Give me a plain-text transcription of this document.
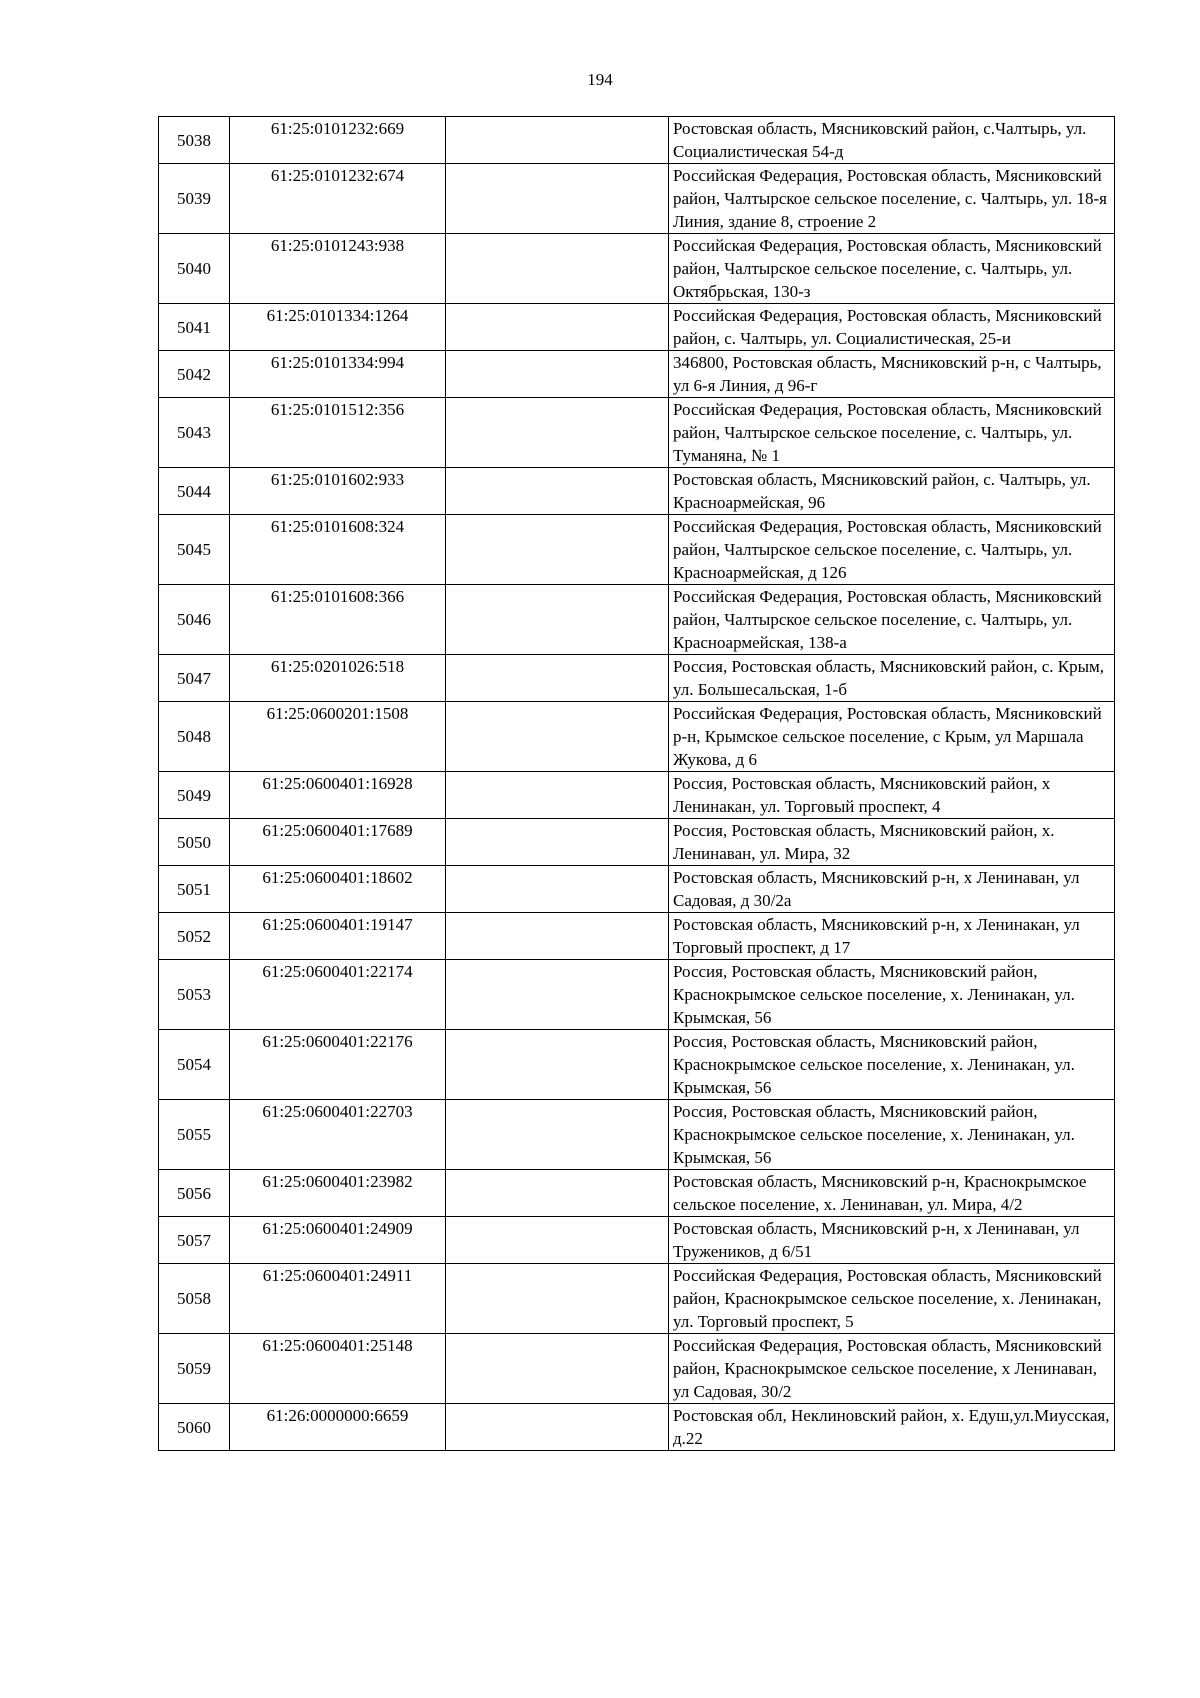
194
5038	61:25:0101232:669		Ростовская область, Мясниковский район, с.Чалтырь, ул. Социалистическая 54-д
5039	61:25:0101232:674		Российская Федерация, Ростовская область, Мясниковский район, Чалтырское сельское поселение, с. Чалтырь, ул. 18-я Линия, здание 8, строение 2
5040	61:25:0101243:938		Российская Федерация, Ростовская область, Мясниковский район, Чалтырское сельское поселение, с. Чалтырь, ул. Октябрьская, 130-з
5041	61:25:0101334:1264		Российская Федерация, Ростовская область, Мясниковский район, с. Чалтырь, ул. Социалистическая, 25-и
5042	61:25:0101334:994		346800, Ростовская область, Мясниковский р-н, с Чалтырь, ул 6-я Линия, д 96-г
5043	61:25:0101512:356		Российская Федерация, Ростовская область, Мясниковский район, Чалтырское сельское поселение, с. Чалтырь, ул. Туманяна, № 1
5044	61:25:0101602:933		Ростовская область, Мясниковский район, с. Чалтырь, ул. Красноармейская, 96
5045	61:25:0101608:324		Российская Федерация, Ростовская область, Мясниковский район, Чалтырское сельское поселение, с. Чалтырь, ул. Красноармейская, д 126
5046	61:25:0101608:366		Российская Федерация, Ростовская область, Мясниковский район, Чалтырское сельское поселение, с. Чалтырь, ул. Красноармейская, 138-а
5047	61:25:0201026:518		Россия, Ростовская область, Мясниковский район, с. Крым, ул. Большесальская, 1-б
5048	61:25:0600201:1508		Российская Федерация, Ростовская область, Мясниковский р-н, Крымское сельское поселение, с Крым, ул Маршала Жукова, д 6
5049	61:25:0600401:16928		Россия, Ростовская область, Мясниковский район, х Ленинакан, ул. Торговый проспект, 4
5050	61:25:0600401:17689		Россия, Ростовская область, Мясниковский район, х. Ленинаван, ул. Мира, 32
5051	61:25:0600401:18602		Ростовская область, Мясниковский р-н, х Ленинаван, ул Садовая, д 30/2а
5052	61:25:0600401:19147		Ростовская область, Мясниковский р-н, х Ленинакан, ул Торговый проспект, д 17
5053	61:25:0600401:22174		Россия, Ростовская область, Мясниковский район, Краснокрымское сельское поселение, х. Ленинакан, ул. Крымская, 56
5054	61:25:0600401:22176		Россия, Ростовская область, Мясниковский район, Краснокрымское сельское поселение, х. Ленинакан, ул. Крымская, 56
5055	61:25:0600401:22703		Россия, Ростовская область, Мясниковский район, Краснокрымское сельское поселение, х. Ленинакан, ул. Крымская, 56
5056	61:25:0600401:23982		Ростовская область, Мясниковский р-н, Краснокрымское сельское поселение, х. Ленинаван, ул. Мира, 4/2
5057	61:25:0600401:24909		Ростовская область, Мясниковский р-н, х Ленинаван, ул Тружеников, д 6/51
5058	61:25:0600401:24911		Российская Федерация, Ростовская область, Мясниковский район, Краснокрымское сельское поселение, х. Ленинакан, ул. Торговый проспект, 5
5059	61:25:0600401:25148		Российская Федерация, Ростовская область, Мясниковский район, Краснокрымское сельское поселение, х Ленинаван, ул Садовая, 30/2
5060	61:26:0000000:6659		Ростовская обл, Неклиновский район, х. Едуш,ул.Миусская, д.22
